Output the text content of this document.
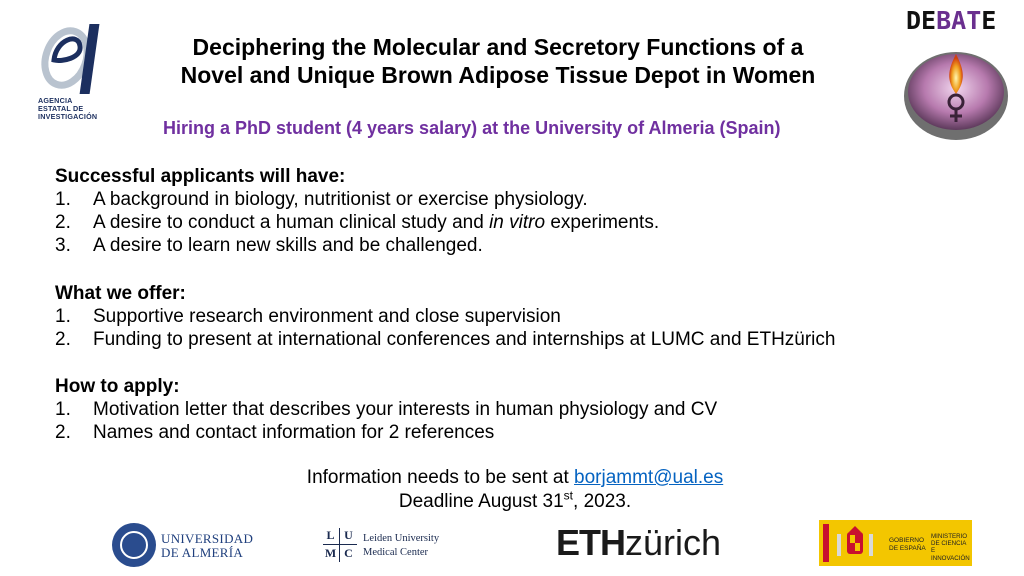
AGENCIA
ESTATAL DE
INVESTIGACIÓN
Deciphering the Molecular and Secretory Functions of a
Novel and Unique Brown Adipose Tissue Depot in Women
Hiring a PhD student (4 years salary) at the University of Almeria (Spain)
DEBATE
Successful applicants will have:
1. A background in biology, nutritionist or exercise physiology.
2. A desire to conduct a human clinical study and in vitro experiments.
3. A desire to learn new skills and be challenged.
What we offer:
1. Supportive research environment and close supervision
2. Funding to present at international conferences and internships at LUMC and ETHzürich
How to apply:
1. Motivation letter that describes your interests in human physiology and CV
2. Names and contact information for 2 references
Information needs to be sent at borjammt@ual.es
Deadline August 31st, 2023.
UNIVERSIDAD
DE ALMERÍA
L U
M C
Leiden University
Medical Center	ETHzürich	GOBIERNO
DE ESPAÑA
MINISTERIO
DE CIENCIA
E INNOVACIÓN
